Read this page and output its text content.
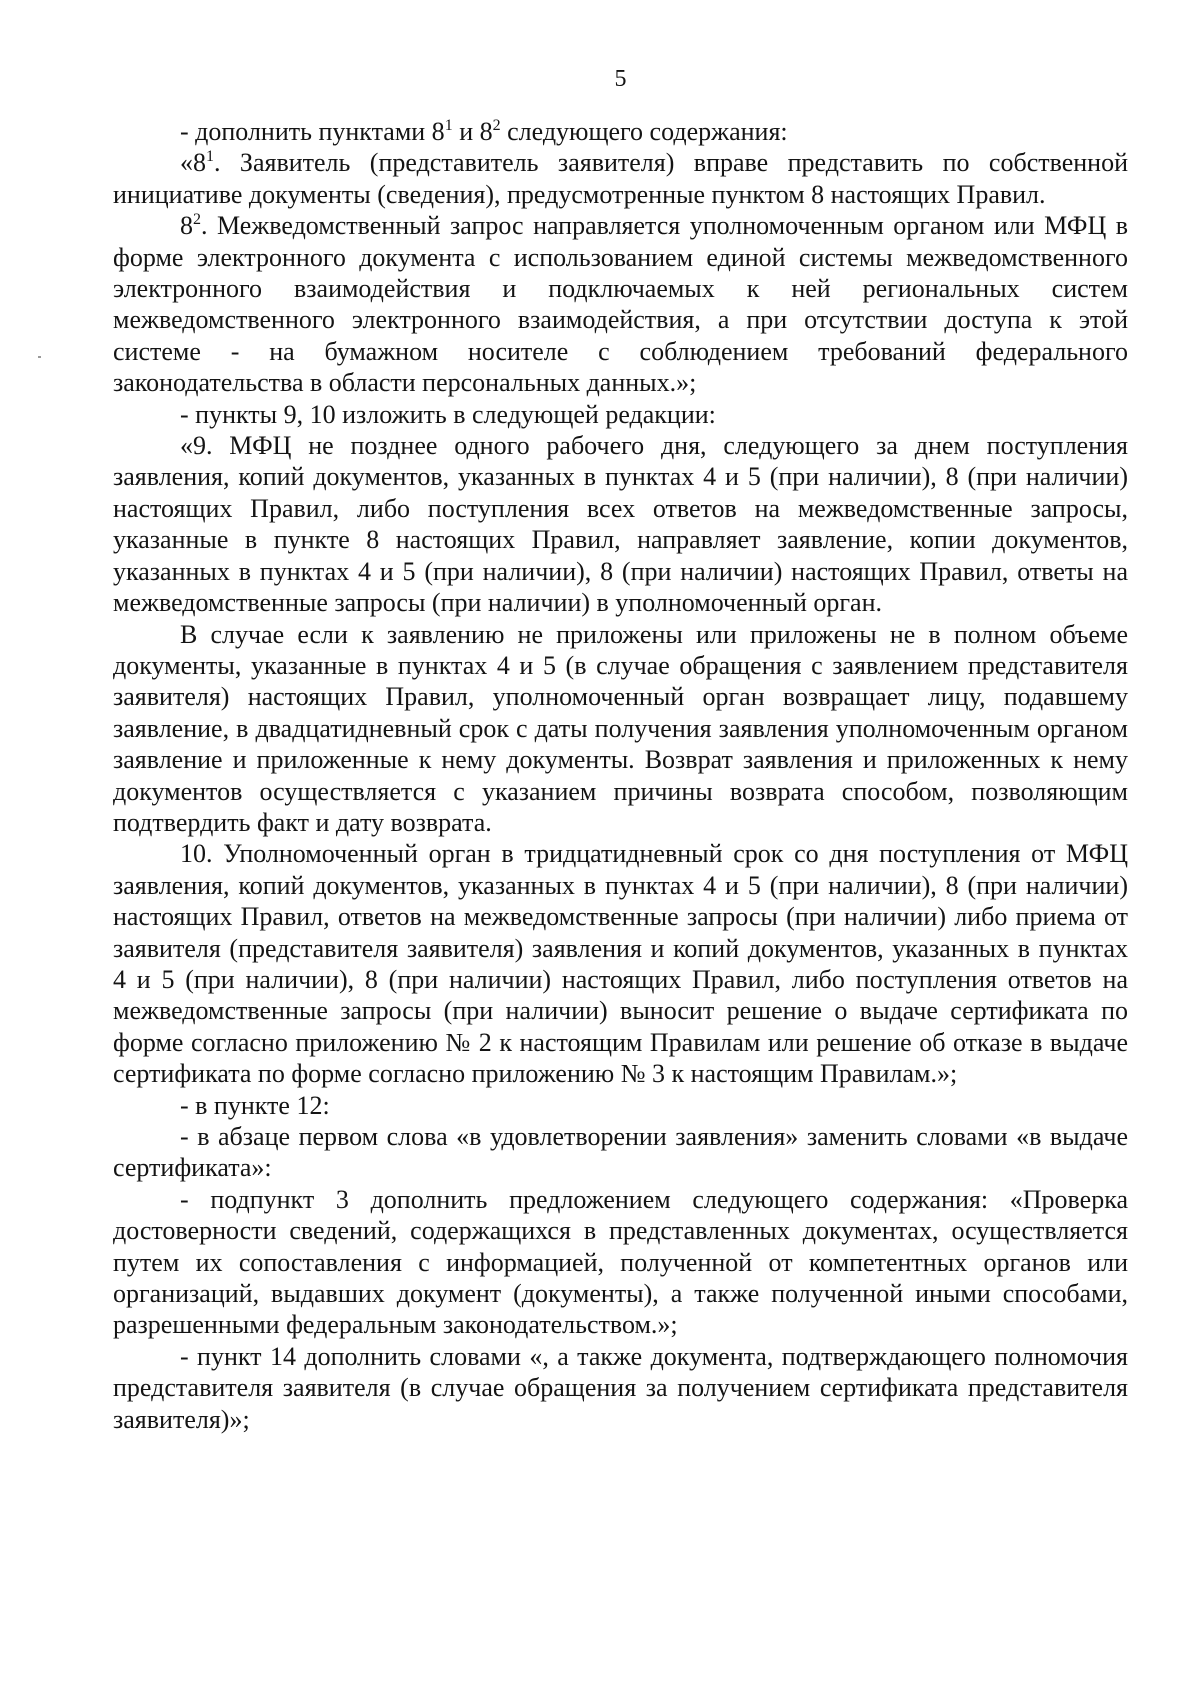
5

- дополнить пунктами $8^1$ и $8^2$ следующего содержания:

«$8^1$. Заявитель (представитель заявителя) вправе представить по собственной инициативе документы (сведения), предусмотренные пунктом 8 настоящих Правил.

$8^2$. Межведомственный запрос направляется уполномоченным органом или МФЦ в форме электронного документа с использованием единой системы межведомственного электронного взаимодействия и подключаемых к ней региональных систем межведомственного электронного взаимодействия, а при отсутствии доступа к этой системе - на бумажном носителе с соблюдением требований федерального законодательства в области персональных данных.»;

- пункты 9, 10 изложить в следующей редакции:

«9. МФЦ не позднее одного рабочего дня, следующего за днем поступления заявления, копий документов, указанных в пунктах 4 и 5 (при наличии), 8 (при наличии) настоящих Правил, либо поступления всех ответов на межведомственные запросы, указанные в пункте 8 настоящих Правил, направляет заявление, копии документов, указанных в пунктах 4 и 5 (при наличии), 8 (при наличии) настоящих Правил, ответы на межведомственные запросы (при наличии) в уполномоченный орган.

В случае если к заявлению не приложены или приложены не в полном объеме документы, указанные в пунктах 4 и 5 (в случае обращения с заявлением представителя заявителя) настоящих Правил, уполномоченный орган возвращает лицу, подавшему заявление, в двадцатидневный срок с даты получения заявления уполномоченным органом заявление и приложенные к нему документы. Возврат заявления и приложенных к нему документов осуществляется с указанием причины возврата способом, позволяющим подтвердить факт и дату возврата.

10. Уполномоченный орган в тридцатидневный срок со дня поступления от МФЦ заявления, копий документов, указанных в пунктах 4 и 5 (при наличии), 8 (при наличии) настоящих Правил, ответов на межведомственные запросы (при наличии) либо приема от заявителя (представителя заявителя) заявления и копий документов, указанных в пунктах 4 и 5 (при наличии), 8 (при наличии) настоящих Правил, либо поступления ответов на межведомственные запросы (при наличии) выносит решение о выдаче сертификата по форме согласно приложению № 2 к настоящим Правилам или решение об отказе в выдаче сертификата по форме согласно приложению № 3 к настоящим Правилам.»;

- в пункте 12:

- в абзаце первом слова «в удовлетворении заявления» заменить словами «в выдаче сертификата»:

- подпункт 3 дополнить предложением следующего содержания: «Проверка достоверности сведений, содержащихся в представленных документах, осуществляется путем их сопоставления с информацией, полученной от компетентных органов или организаций, выдавших документ (документы), а также полученной иными способами, разрешенными федеральным законодательством.»;

- пункт 14 дополнить словами «, а также документа, подтверждающего полномочия представителя заявителя (в случае обращения за получением сертификата представителя заявителя)»;
